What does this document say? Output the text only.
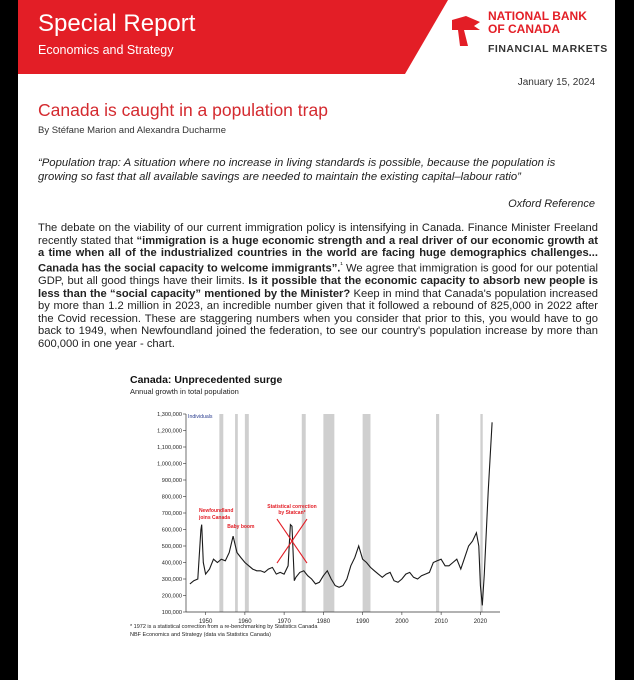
Special Report
Economics and Strategy
NATIONAL BANK
OF CANADA
FINANCIAL MARKETS
January 15, 2024
Canada is caught in a population trap
By Stéfane Marion and Alexandra Ducharme
“Population trap: A situation where no increase in living standards is possible, because the population is growing so fast that all available savings are needed to maintain the existing capital–labour ratio”
Oxford Reference
The debate on the viability of our current immigration policy is intensifying in Canada. Finance Minister Freeland recently stated that “immigration is a huge economic strength and a real driver of our economic growth at a time when all of the industrialized countries in the world are facing huge demographics challenges... Canada has the social capacity to welcome immigrants”.$^{^1}$ We agree that immigration is good for our potential GDP, but all good things have their limits. Is it possible that the economic capacity to absorb new people is less than the “social capacity” mentioned by the Minister? Keep in mind that Canada's population increased by more than 1.2 million in 2023, an incredible number given that it followed a rebound of 825,000 in 2022 after the Covid recession. These are staggering numbers when you consider that prior to this, you would have to go back to 1949, when Newfoundland joined the federation, to see our country's population increase by more than 600,000 in one year - chart.
100,000
200,000
300,000
400,000
500,000
600,000
700,000
800,000
900,000
1,000,000
1,100,000
1,200,000
1,300,000
1950	1960	1970	1980	1990	2000	2010	2020
Individuals
Newfoundland
joins Canada
Baby boom
Statistical correction
by Statcan*
Canada: Unprecedented surge
Annual growth in total population
* 1972 is a statistical correction from a re-benchmarking by Statistics Canada
NBF Economics and Strategy (data via Statistics Canada)
